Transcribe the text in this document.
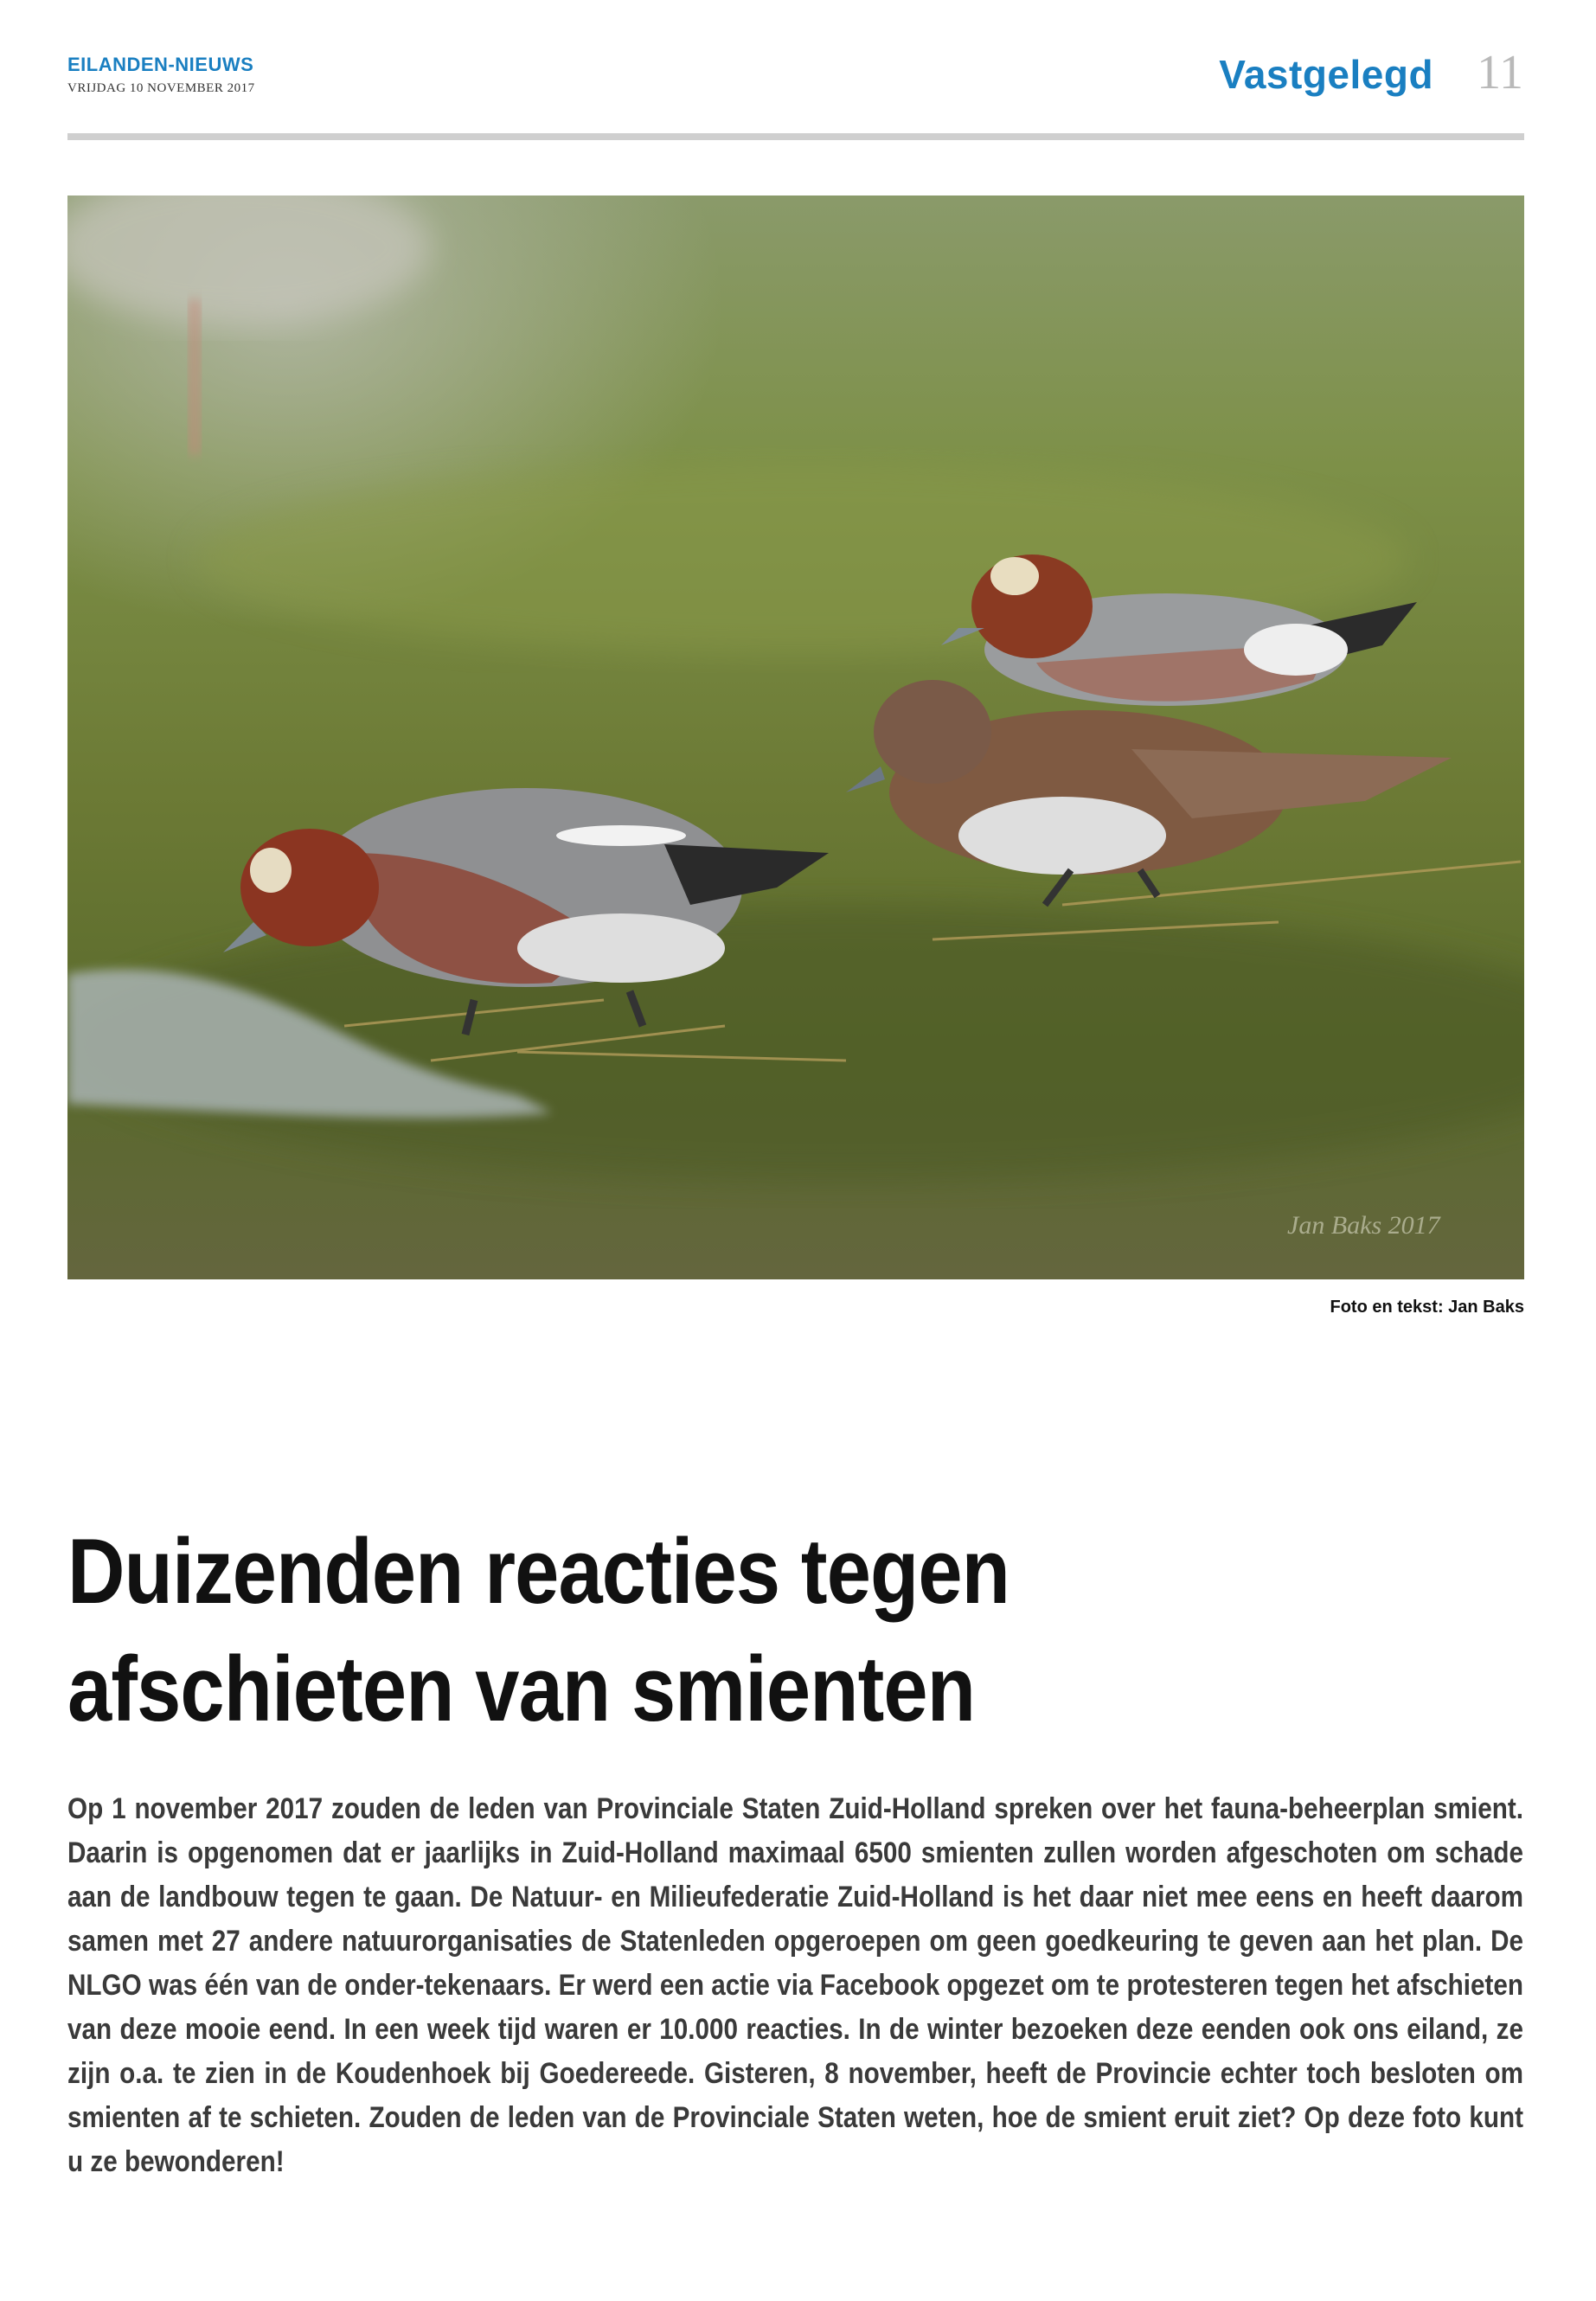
EILANDEN-NIEUWS
VRIJDAG 10 NOVEMBER 2017	Vastgelegd 11
Jan Baks 2017
Foto en tekst: Jan Baks
Duizenden reacties tegen afschieten van smienten

Op 1 november 2017 zouden de leden van Provinciale Staten Zuid-Holland spreken over het fauna-beheerplan smient. Daarin is opgenomen dat er jaarlijks in Zuid-Holland maximaal 6500 smienten zullen worden afgeschoten om schade aan de landbouw tegen te gaan. De Natuur- en Milieufederatie Zuid-Holland is het daar niet mee eens en heeft daarom samen met 27 andere natuurorganisaties de Statenleden opgeroepen om geen goedkeuring te geven aan het plan. De NLGO was één van de onder-tekenaars. Er werd een actie via Facebook opgezet om te protesteren tegen het afschieten van deze mooie eend. In een week tijd waren er 10.000 reacties. In de winter bezoeken deze eenden ook ons eiland, ze zijn o.a. te zien in de Koudenhoek bij Goedereede. Gisteren, 8 november, heeft de Provincie echter toch besloten om smienten af te schieten. Zouden de leden van de Provinciale Staten weten, hoe de smient eruit ziet? Op deze foto kunt u ze bewonderen!
